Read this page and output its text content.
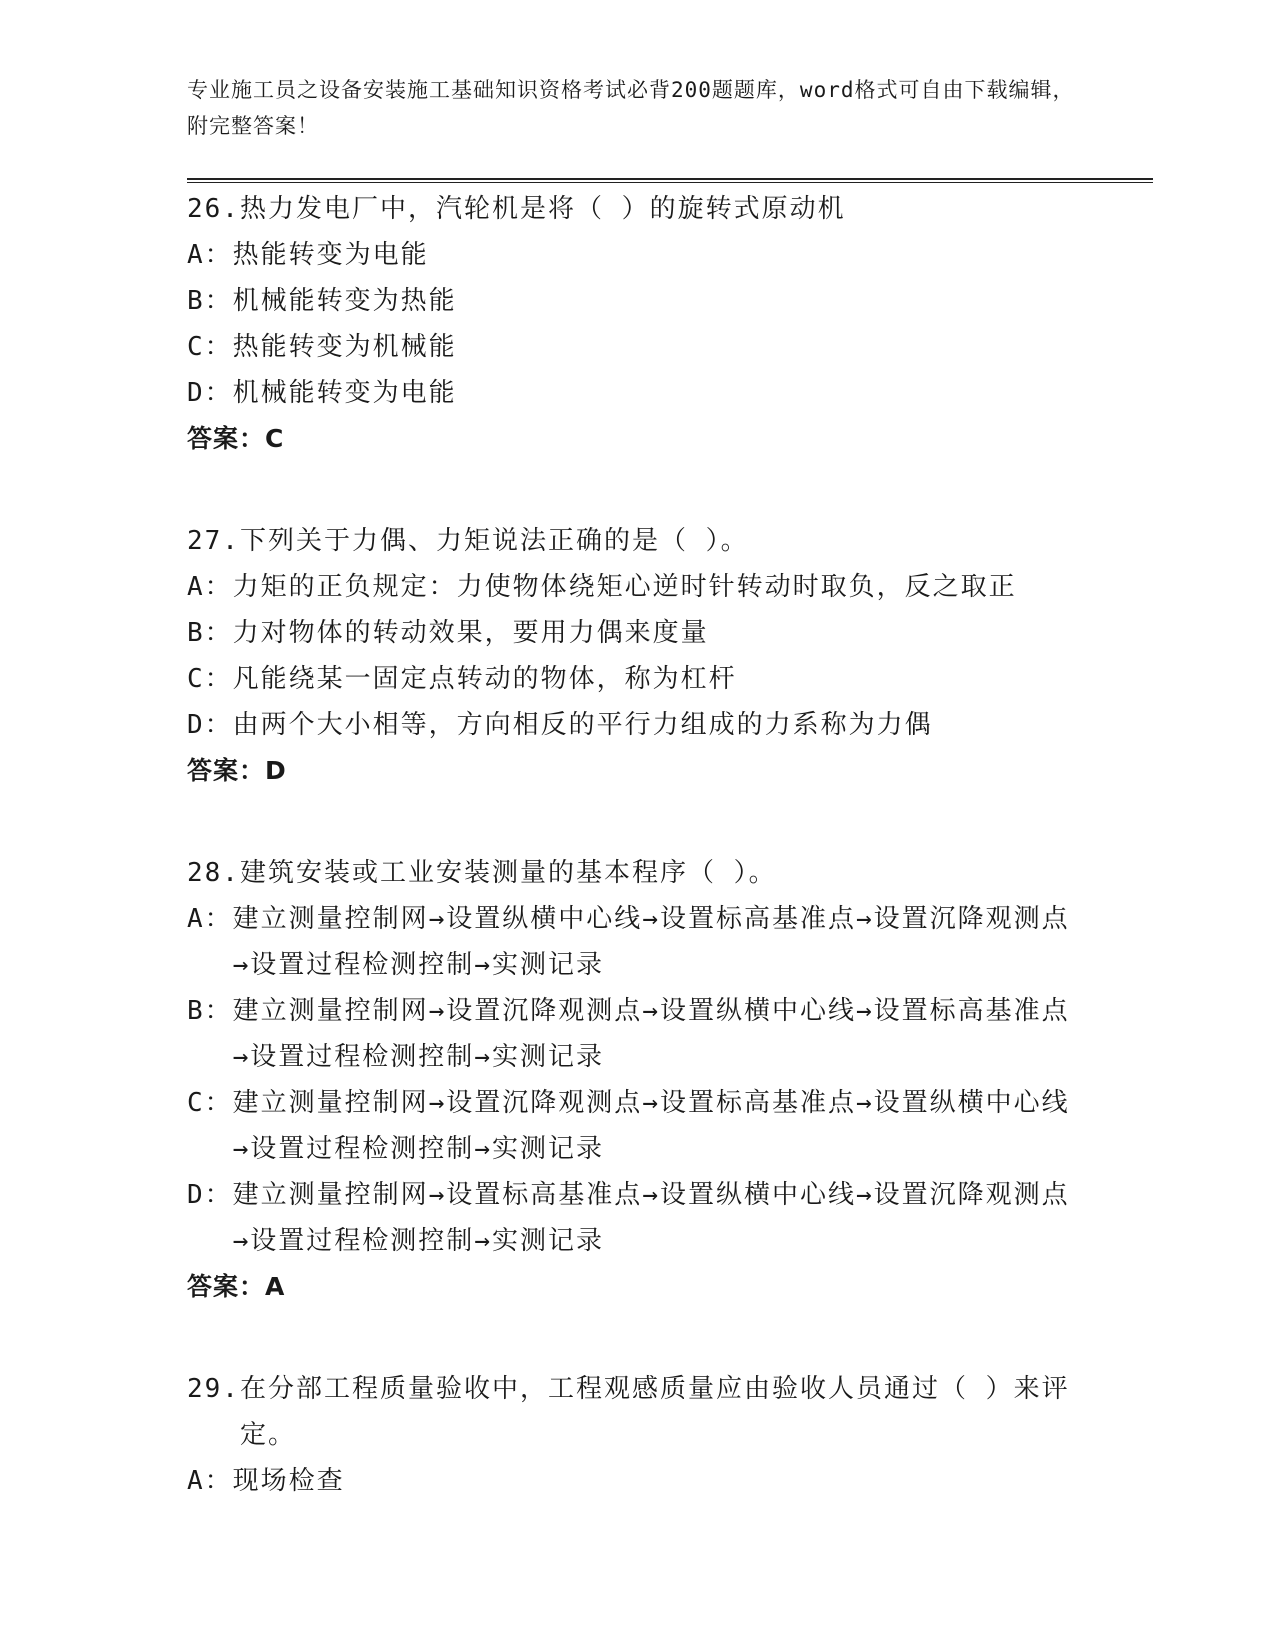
专业施工员之设备安装施工基础知识资格考试必背200题题库，word格式可自由下载编辑，附完整答案！
26. 热力发电厂中，汽轮机是将（ ）的旋转式原动机
A： 热能转变为电能
B： 机械能转变为热能
C： 热能转变为机械能
D： 机械能转变为电能
答案：C
27. 下列关于力偶、力矩说法正确的是（ ）。
A： 力矩的正负规定：力使物体绕矩心逆时针转动时取负，反之取正
B： 力对物体的转动效果，要用力偶来度量
C： 凡能绕某一固定点转动的物体，称为杠杆
D： 由两个大小相等，方向相反的平行力组成的力系称为力偶
答案：D
28. 建筑安装或工业安装测量的基本程序（ ）。
A： 建立测量控制网→设置纵横中心线→设置标高基准点→设置沉降观测点→设置过程检测控制→实测记录
B： 建立测量控制网→设置沉降观测点→设置纵横中心线→设置标高基准点→设置过程检测控制→实测记录
C： 建立测量控制网→设置沉降观测点→设置标高基准点→设置纵横中心线→设置过程检测控制→实测记录
D： 建立测量控制网→设置标高基准点→设置纵横中心线→设置沉降观测点→设置过程检测控制→实测记录
答案：A
29. 在分部工程质量验收中，工程观感质量应由验收人员通过（ ）来评定。
A： 现场检查
